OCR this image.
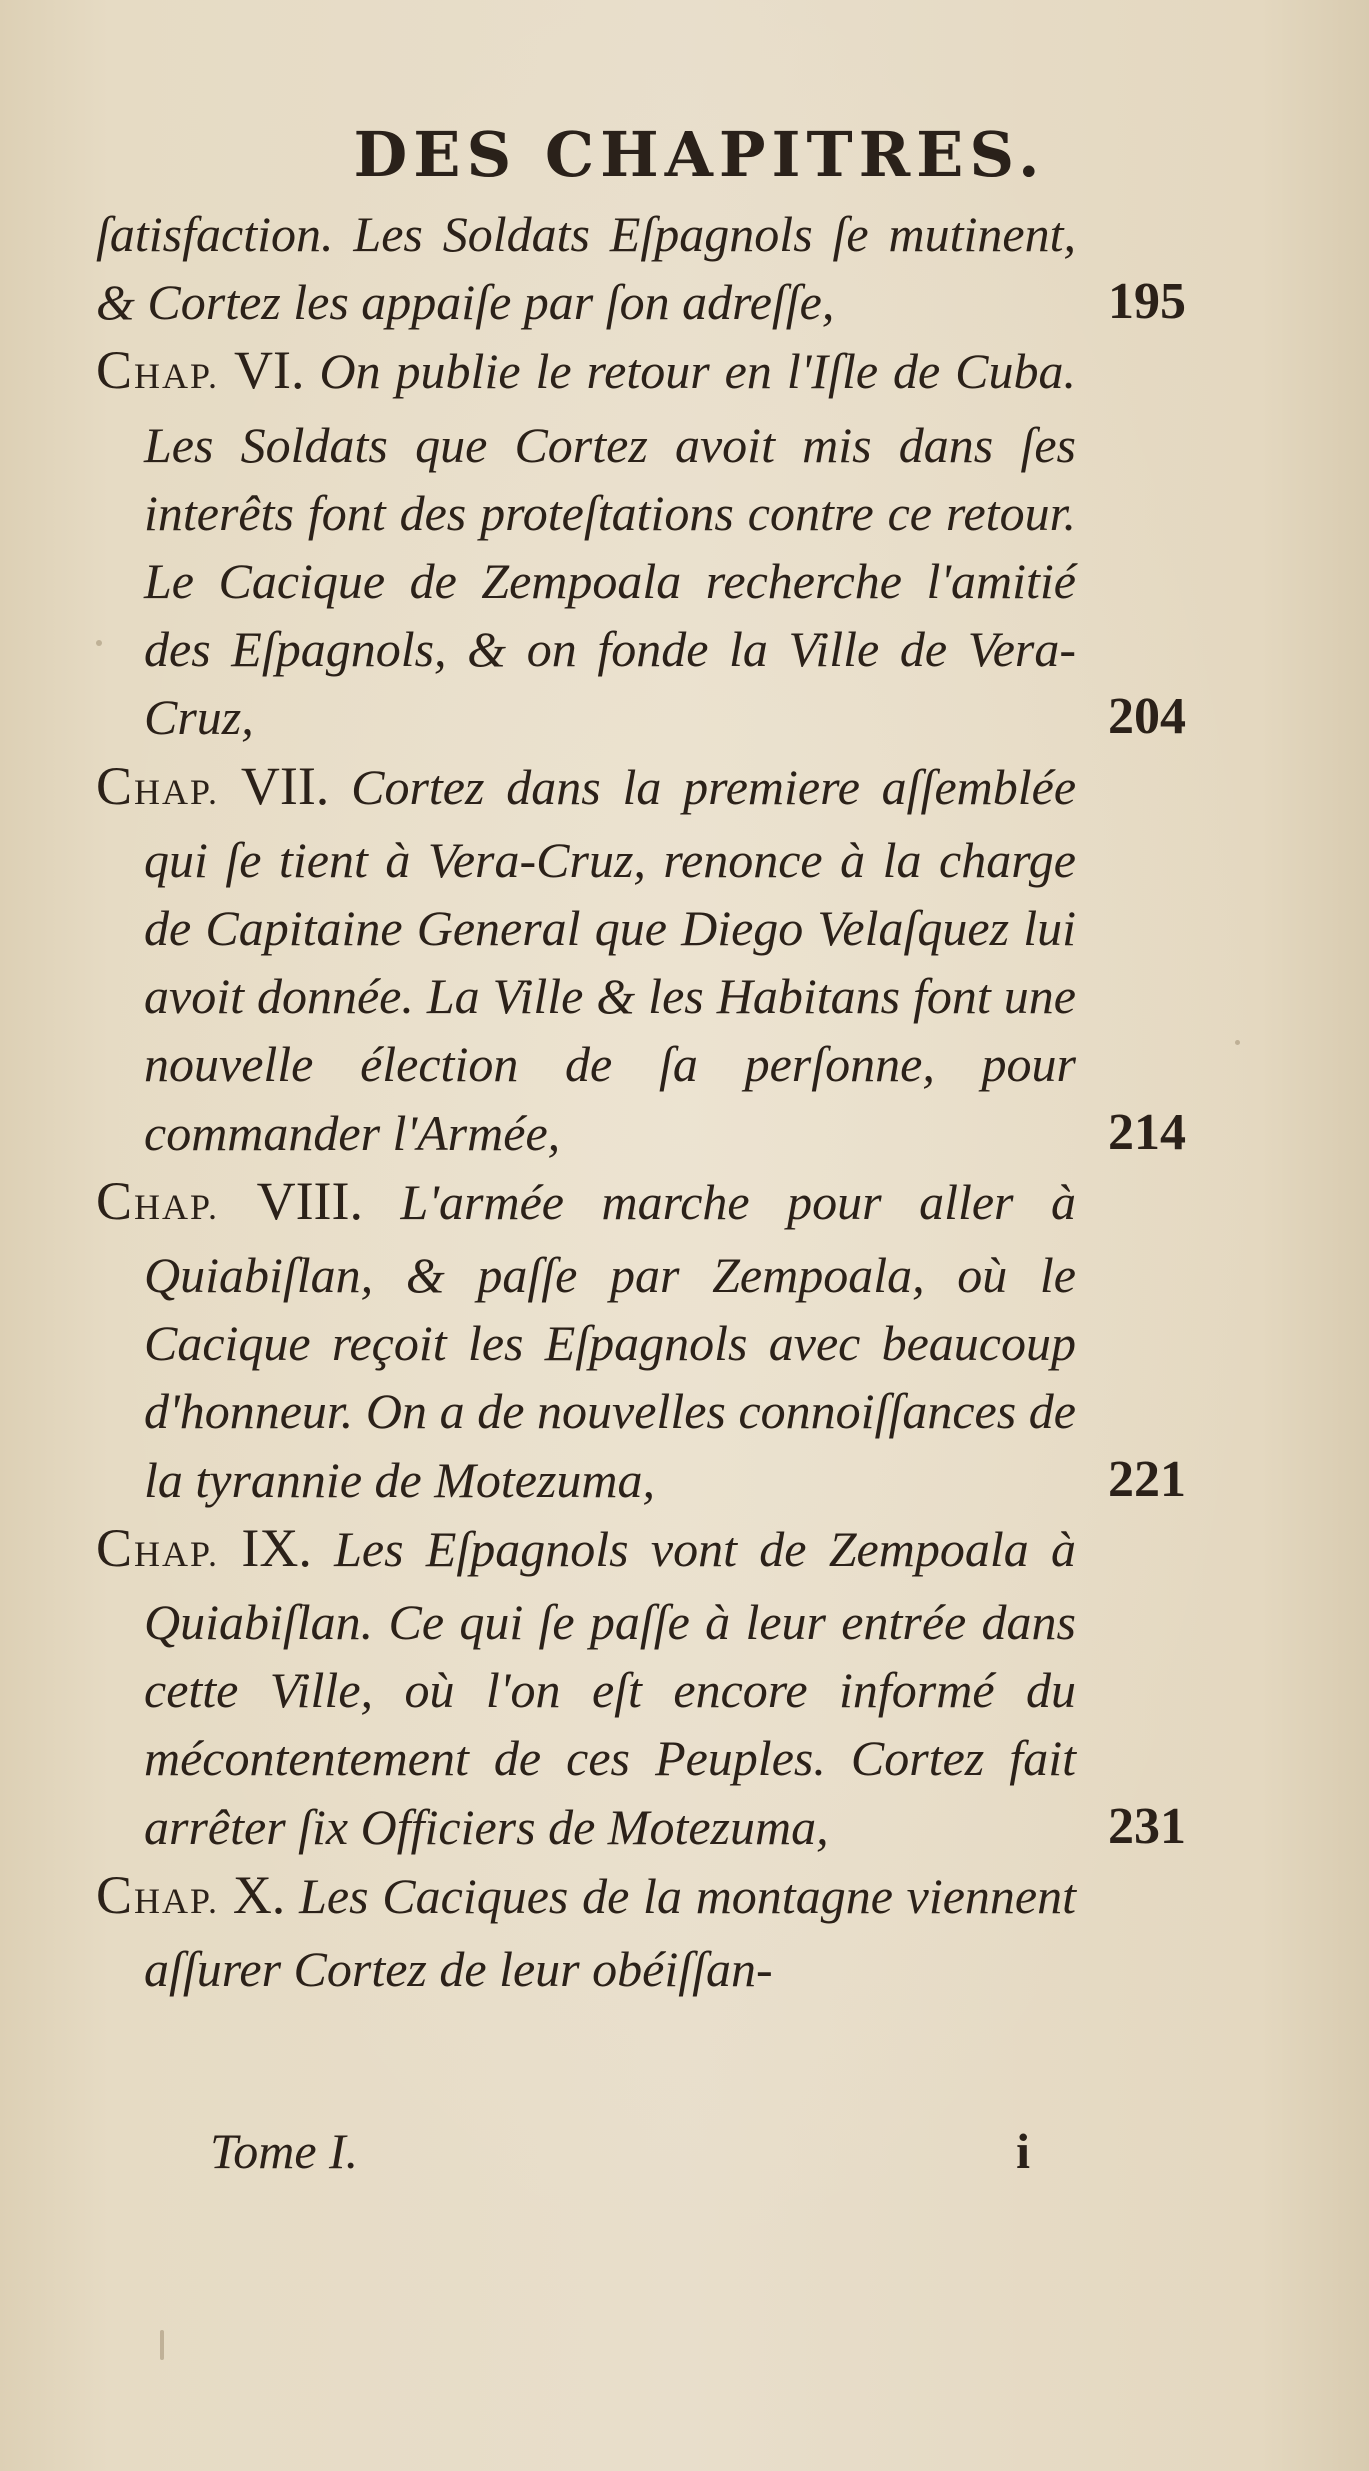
DES CHAPITRES.
ſatisfaction. Les Soldats Eſpagnols ſe mutinent, & Cortez les appaiſe par ſon adreſſe,	195
CHAP. VI. On publie le retour en l'Iſle de Cuba. Les Soldats que Cortez avoit mis dans ſes interêts font des proteſtations contre ce retour. Le Cacique de Zempoala recherche l'amitié des Eſpagnols, & on fonde la Ville de Vera-Cruz,	204
CHAP. VII. Cortez dans la premiere aſſemblée qui ſe tient à Vera-Cruz, renonce à la charge de Capitaine General que Diego Velaſquez lui avoit donnée. La Ville & les Habitans font une nouvelle élection de ſa perſonne, pour commander l'Armée,	214
CHAP. VIII. L'armée marche pour aller à Quiabiſlan, & paſſe par Zempoala, où le Cacique reçoit les Eſpagnols avec beaucoup d'honneur. On a de nouvelles connoiſſances de la tyrannie de Motezuma,	221
CHAP. IX. Les Eſpagnols vont de Zempoala à Quiabiſlan. Ce qui ſe paſſe à leur entrée dans cette Ville, où l'on eſt encore informé du mécontentement de ces Peuples. Cortez fait arrêter ſix Officiers de Motezuma,	231
CHAP. X. Les Caciques de la montagne viennent aſſurer Cortez de leur obéiſſan-
Tome I.	i
